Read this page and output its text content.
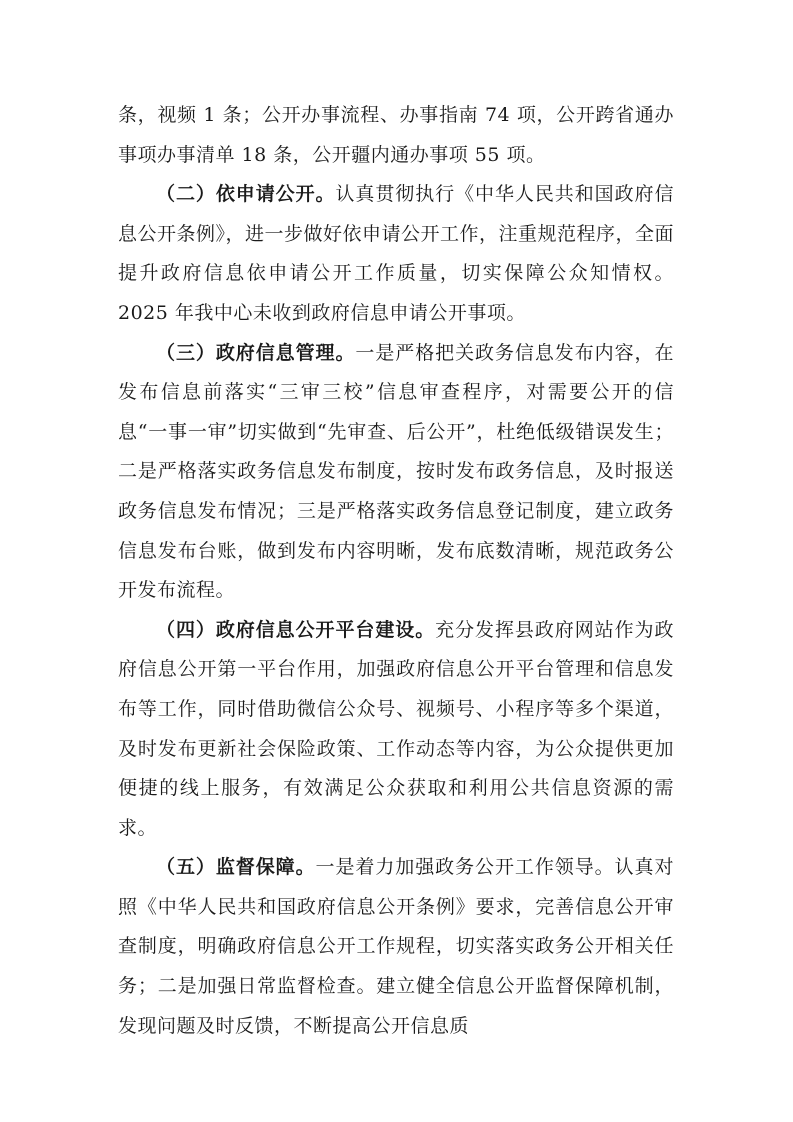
条，视频 1 条；公开办事流程、办事指南 74 项，公开跨省通办事项办事清单 18 条，公开疆内通办事项 55 项。

（二）依申请公开。认真贯彻执行《中华人民共和国政府信息公开条例》，进一步做好依申请公开工作，注重规范程序，全面提升政府信息依申请公开工作质量，切实保障公众知情权。2025 年我中心未收到政府信息申请公开事项。

（三）政府信息管理。一是严格把关政务信息发布内容，在发布信息前落实“三审三校”信息审查程序，对需要公开的信息“一事一审”切实做到“先审查、后公开”，杜绝低级错误发生；二是严格落实政务信息发布制度，按时发布政务信息，及时报送政务信息发布情况；三是严格落实政务信息登记制度，建立政务信息发布台账，做到发布内容明晰，发布底数清晰，规范政务公开发布流程。

（四）政府信息公开平台建设。充分发挥县政府网站作为政府信息公开第一平台作用，加强政府信息公开平台管理和信息发布等工作，同时借助微信公众号、视频号、小程序等多个渠道，及时发布更新社会保险政策、工作动态等内容，为公众提供更加便捷的线上服务，有效满足公众获取和利用公共信息资源的需求。

（五）监督保障。一是着力加强政务公开工作领导。认真对照《中华人民共和国政府信息公开条例》要求，完善信息公开审查制度，明确政府信息公开工作规程，切实落实政务公开相关任务；二是加强日常监督检查。建立健全信息公开监督保障机制，发现问题及时反馈，不断提高公开信息质
